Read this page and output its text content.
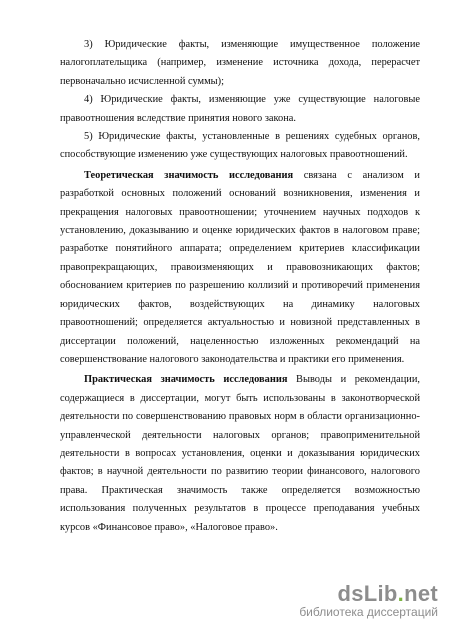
3) Юридические факты, изменяющие имущественное положение налогоплательщика (например, изменение источника дохода, перерасчет первоначально исчисленной суммы);

4) Юридические факты, изменяющие уже существующие налоговые правоотношения вследствие принятия нового закона.

5) Юридические факты, установленные в решениях судебных органов, способствующие изменению уже существующих налоговых правоотношений.

Теоретическая значимость исследования связана с анализом и разработкой основных положений оснований возникновения, изменения и прекращения налоговых правоотношении; уточнением научных подходов к установлению, доказыванию и оценке юридических фактов в налоговом праве; разработке понятийного аппарата; определением критериев классификации правопрекращающих, правоизменяющих и правовозникающих фактов; обоснованием критериев по разрешению коллизий и противоречий применения юридических фактов, воздействующих на динамику налоговых правоотношений; определяется актуальностью и новизной представленных в диссертации положений, нацеленностью изложенных рекомендаций на совершенствование налогового законодательства и практики его применения.

Практическая значимость исследования Выводы и рекомендации, содержащиеся в диссертации, могут быть использованы в законотворческой деятельности по совершенствованию правовых норм в области организационно-управленческой деятельности налоговых органов; правоприменительной деятельности в вопросах установления, оценки и доказывания юридических фактов; в научной деятельности по развитию теории финансового, налогового права. Практическая значимость также определяется возможностью использования полученных результатов в процессе преподавания учебных курсов «Финансовое право», «Налоговое право».

dsLib.net
библиотека диссертаций
